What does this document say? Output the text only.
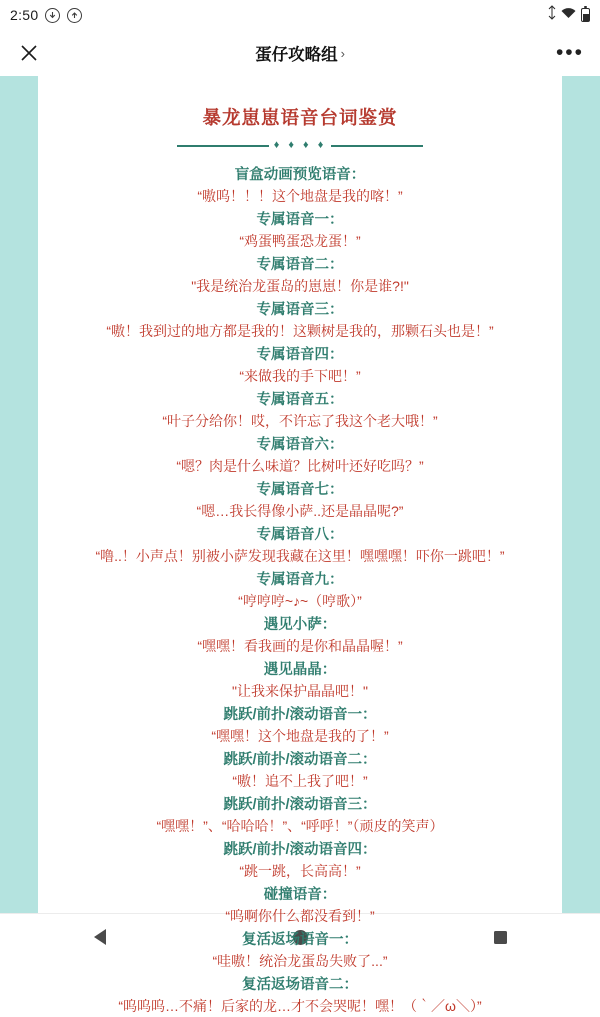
2:50
蛋仔攻略组 ›	•••
暴龙崽崽语音台词鉴赏
♦ ♦ ♦ ♦
盲盒动画预览语音：
“嗷呜！！！这个地盘是我的喀！”
专属语音一：
“鸡蛋鸭蛋恐龙蛋！”
专属语音二：
"我是统治龙蛋岛的崽崽！你是谁?!"
专属语音三：
“嗷！我到过的地方都是我的！这颗树是我的，那颗石头也是！”
专属语音四：
“来做我的手下吧！”
专属语音五：
“叶子分给你！哎，不许忘了我这个老大哦！”
专属语音六：
“嗯？肉是什么味道？比树叶还好吃吗？”
专属语音七：
“嗯…我长得像小萨..还是晶晶呢?”
专属语音八：
“噜..！小声点！别被小萨发现我藏在这里！嘿嘿嘿！吓你一跳吧！”
专属语音九：
“哼哼哼~♪~（哼歌）”
遇见小萨：
“嘿嘿！看我画的是你和晶晶喔！”
遇见晶晶：
"让我来保护晶晶吧！"
跳跃/前扑/滚动语音一：
“嘿嘿！这个地盘是我的了！”
跳跃/前扑/滚动语音二：
“嗷！追不上我了吧！”
跳跃/前扑/滚动语音三：
“嘿嘿！”、“哈哈哈！”、“呼呼！”（顽皮的笑声）
跳跃/前扑/滚动语音四：
“跳一跳，长高高！”
碰撞语音：
“呜啊你什么都没看到！”
复活返场语音一：
“哇嗷！统治龙蛋岛失败了...”
复活返场语音二：
“呜呜呜…不痛！后家的龙…才不会哭呢！嘿！（｀／ω＼）”
